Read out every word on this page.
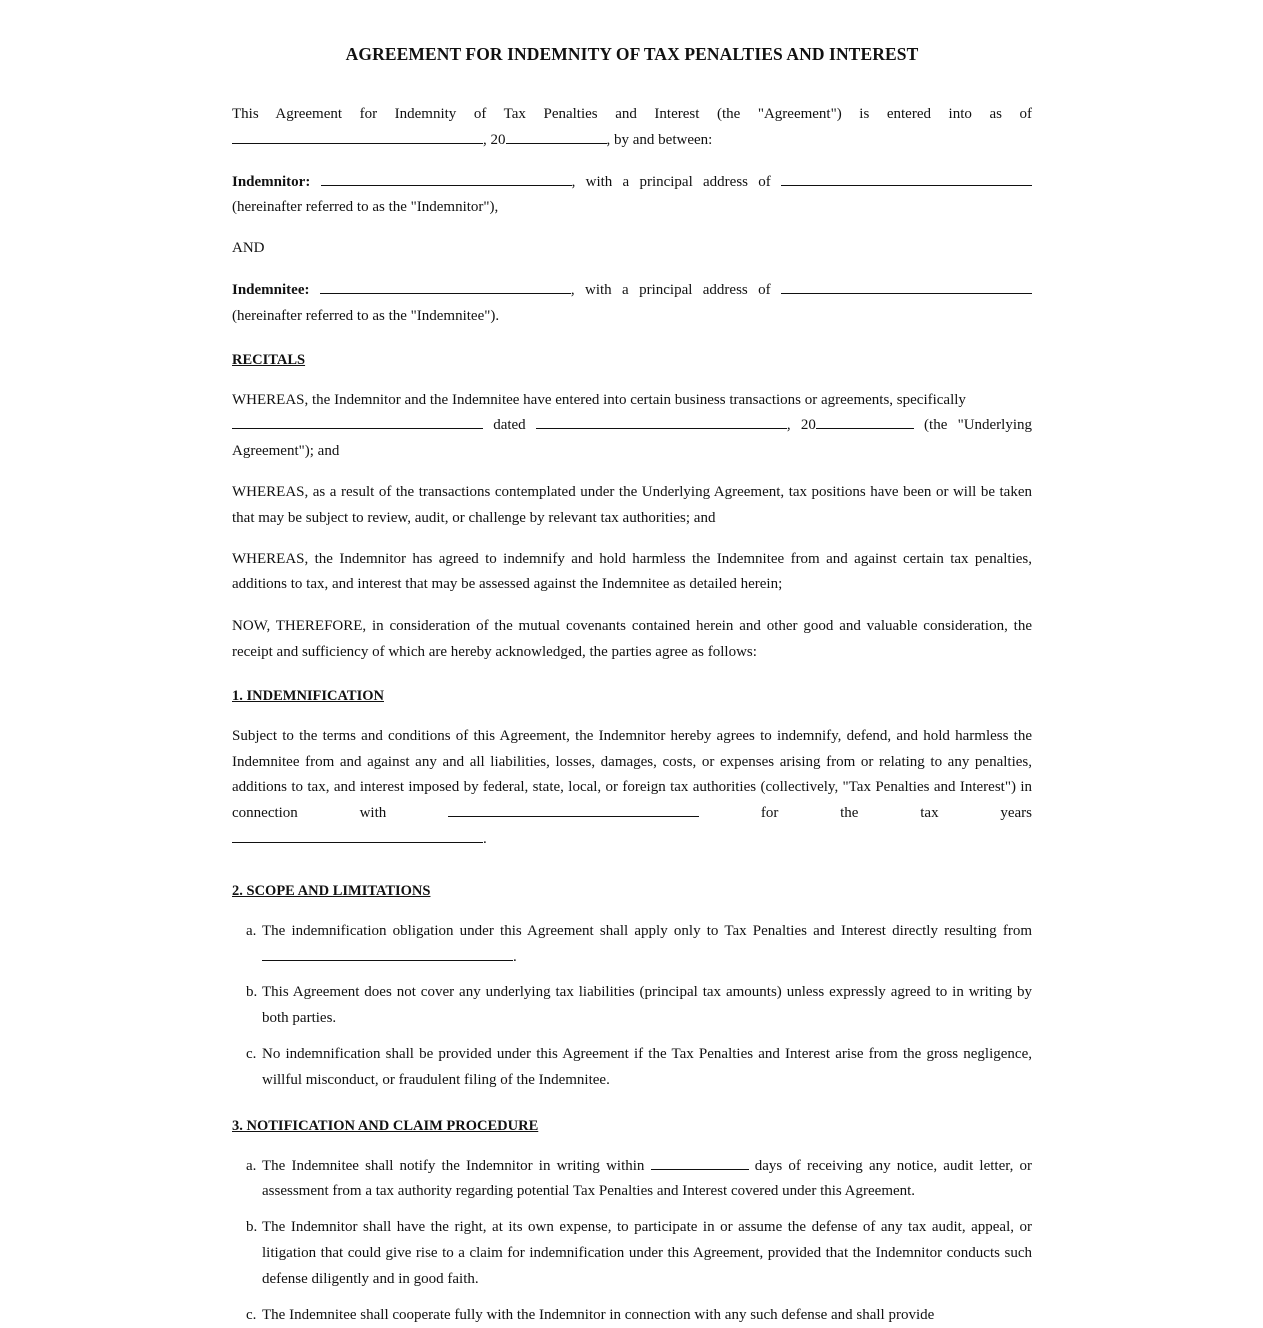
AGREEMENT FOR INDEMNITY OF TAX PENALTIES AND INTEREST

This Agreement for Indemnity of Tax Penalties and Interest (the "Agreement") is entered into as of

, 20	, by and between:

Indemnitor:	, with a principal address of

(hereinafter referred to as the "Indemnitor"),

AND

Indemnitee:	, with a principal address of

(hereinafter referred to as the "Indemnitee").

RECITALS

WHEREAS, the Indemnitor and the Indemnitee have entered into certain business transactions or agreements, specifically

dated	, 20	(the "Underlying

Agreement"); and

WHEREAS, as a result of the transactions contemplated under the Underlying Agreement, tax positions have been or will be taken that may be subject to review, audit, or challenge by relevant tax authorities; and

WHEREAS, the Indemnitor has agreed to indemnify and hold harmless the Indemnitee from and against certain tax penalties, additions to tax, and interest that may be assessed against the Indemnitee as detailed herein;

NOW, THEREFORE, in consideration of the mutual covenants contained herein and other good and valuable consideration, the receipt and sufficiency of which are hereby acknowledged, the parties agree as follows:

1. INDEMNIFICATION

Subject to the terms and conditions of this Agreement, the Indemnitor hereby agrees to indemnify, defend, and hold harmless the Indemnitee from and against any and all liabilities, losses, damages, costs, or expenses arising from or relating to any penalties, additions to tax, and interest imposed by federal, state, local, or foreign tax authorities (collectively, "Tax Penalties and Interest") in connection with	for the tax years

.

2. SCOPE AND LIMITATIONS
a. The indemnification obligation under this Agreement shall apply only to Tax Penalties and Interest directly resulting from .
b. This Agreement does not cover any underlying tax liabilities (principal tax amounts) unless expressly agreed to in writing by both parties.
c. No indemnification shall be provided under this Agreement if the Tax Penalties and Interest arise from the gross negligence, willful misconduct, or fraudulent filing of the Indemnitee.
3. NOTIFICATION AND CLAIM PROCEDURE
a. The Indemnitee shall notify the Indemnitor in writing within	days of receiving any notice, audit letter, or assessment from a tax authority regarding potential Tax Penalties and Interest covered under this Agreement.
b. The Indemnitor shall have the right, at its own expense, to participate in or assume the defense of any tax audit, appeal, or litigation that could give rise to a claim for indemnification under this Agreement, provided that the Indemnitor conducts such defense diligently and in good faith.
c. The Indemnitee shall cooperate fully with the Indemnitor in connection with any such defense and shall provide
